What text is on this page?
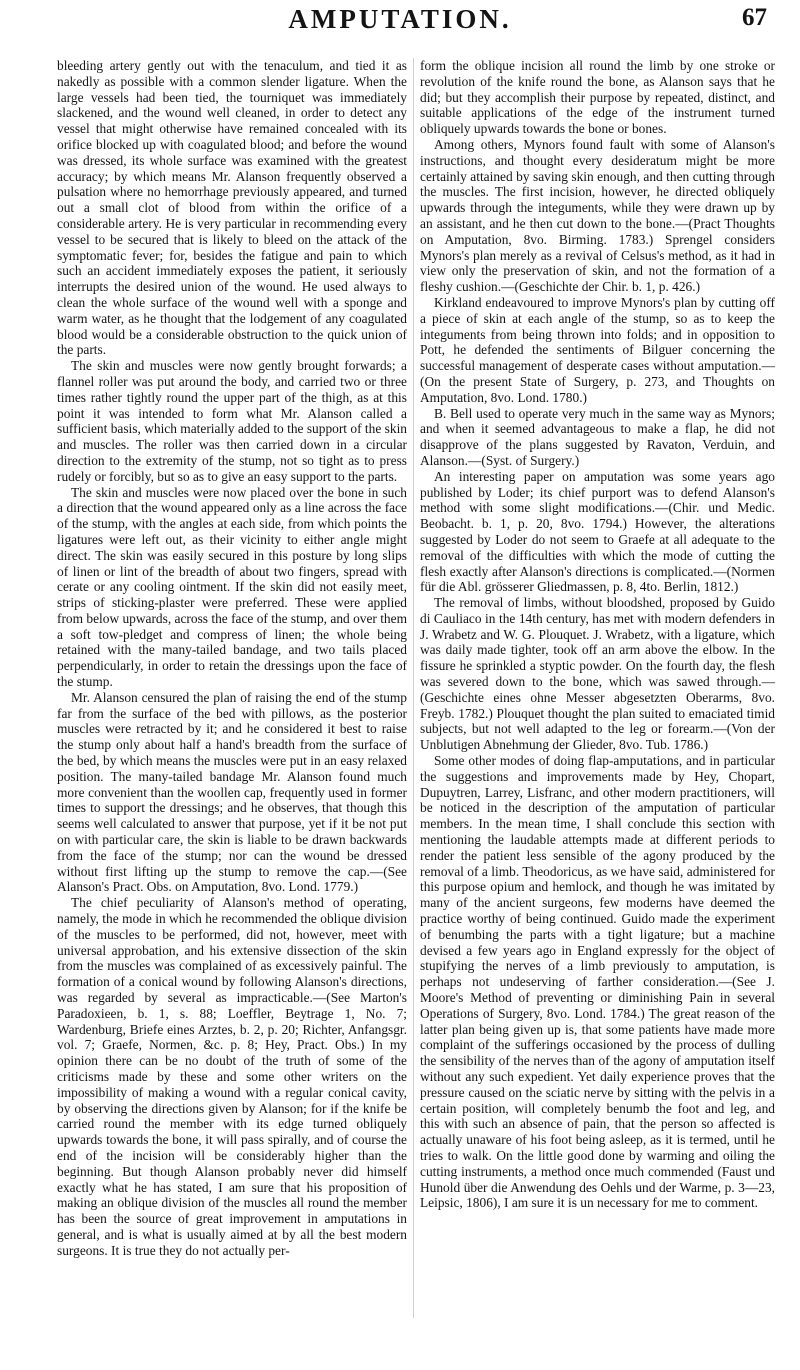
AMPUTATION.	67

bleeding artery gently out with the tenaculum, and tied it as nakedly as possible with a common slender ligature. When the large vessels had been tied, the tourniquet was immediately slackened, and the wound well cleaned, in order to detect any vessel that might otherwise have remained concealed with its orifice blocked up with coagulated blood; and before the wound was dressed, its whole surface was examined with the greatest accuracy; by which means Mr. Alanson frequently observed a pulsation where no hemorrhage previously appeared, and turned out a small clot of blood from within the orifice of a considerable artery. He is very particular in recommending every vessel to be secured that is likely to bleed on the attack of the symptomatic fever; for, besides the fatigue and pain to which such an accident immediately exposes the patient, it seriously interrupts the desired union of the wound. He used always to clean the whole surface of the wound well with a sponge and warm water, as he thought that the lodgement of any coagulated blood would be a considerable obstruction to the quick union of the parts.

The skin and muscles were now gently brought forwards; a flannel roller was put around the body, and carried two or three times rather tightly round the upper part of the thigh, as at this point it was intended to form what Mr. Alanson called a sufficient basis, which materially added to the support of the skin and muscles. The roller was then carried down in a circular direction to the extremity of the stump, not so tight as to press rudely or forcibly, but so as to give an easy support to the parts.

The skin and muscles were now placed over the bone in such a direction that the wound appeared only as a line across the face of the stump, with the angles at each side, from which points the ligatures were left out, as their vicinity to either angle might direct. The skin was easily secured in this posture by long slips of linen or lint of the breadth of about two fingers, spread with cerate or any cooling ointment. If the skin did not easily meet, strips of sticking-plaster were preferred. These were applied from below upwards, across the face of the stump, and over them a soft tow-pledget and compress of linen; the whole being retained with the many-tailed bandage, and two tails placed perpendicularly, in order to retain the dressings upon the face of the stump.

Mr. Alanson censured the plan of raising the end of the stump far from the surface of the bed with pillows, as the posterior muscles were retracted by it; and he considered it best to raise the stump only about half a hand's breadth from the surface of the bed, by which means the muscles were put in an easy relaxed position. The many-tailed bandage Mr. Alanson found much more convenient than the woollen cap, frequently used in former times to support the dressings; and he observes, that though this seems well calculated to answer that purpose, yet if it be not put on with particular care, the skin is liable to be drawn backwards from the face of the stump; nor can the wound be dressed without first lifting up the stump to remove the cap.—(See Alanson's Pract. Obs. on Amputation, 8vo. Lond. 1779.)

The chief peculiarity of Alanson's method of operating, namely, the mode in which he recommended the oblique division of the muscles to be performed, did not, however, meet with universal approbation, and his extensive dissection of the skin from the muscles was complained of as excessively painful. The formation of a conical wound by following Alanson's directions, was regarded by several as impracticable.—(See Marton's Paradoxieen, b. 1, s. 88; Loeffler, Beytrage 1, No. 7; Wardenburg, Briefe eines Arztes, b. 2, p. 20; Richter, Anfangsgr. vol. 7; Graefe, Normen, &c. p. 8; Hey, Pract. Obs.) In my opinion there can be no doubt of the truth of some of the criticisms made by these and some other writers on the impossibility of making a wound with a regular conical cavity, by observing the directions given by Alanson; for if the knife be carried round the member with its edge turned obliquely upwards towards the bone, it will pass spirally, and of course the end of the incision will be considerably higher than the beginning. But though Alanson probably never did himself exactly what he has stated, I am sure that his proposition of making an oblique division of the muscles all round the member has been the source of great improvement in amputations in general, and is what is usually aimed at by all the best modern surgeons. It is true they do not actually per-

form the oblique incision all round the limb by one stroke or revolution of the knife round the bone, as Alanson says that he did; but they accomplish their purpose by repeated, distinct, and suitable applications of the edge of the instrument turned obliquely upwards towards the bone or bones.

Among others, Mynors found fault with some of Alanson's instructions, and thought every desideratum might be more certainly attained by saving skin enough, and then cutting through the muscles. The first incision, however, he directed obliquely upwards through the integuments, while they were drawn up by an assistant, and he then cut down to the bone.—(Pract Thoughts on Amputation, 8vo. Birming. 1783.) Sprengel considers Mynors's plan merely as a revival of Celsus's method, as it had in view only the preservation of skin, and not the formation of a fleshy cushion.—(Geschichte der Chir. b. 1, p. 426.)

Kirkland endeavoured to improve Mynors's plan by cutting off a piece of skin at each angle of the stump, so as to keep the integuments from being thrown into folds; and in opposition to Pott, he defended the sentiments of Bilguer concerning the successful management of desperate cases without amputation.—(On the present State of Surgery, p. 273, and Thoughts on Amputation, 8vo. Lond. 1780.)

B. Bell used to operate very much in the same way as Mynors; and when it seemed advantageous to make a flap, he did not disapprove of the plans suggested by Ravaton, Verduin, and Alanson.—(Syst. of Surgery.)

An interesting paper on amputation was some years ago published by Loder; its chief purport was to defend Alanson's method with some slight modifications.—(Chir. und Medic. Beobacht. b. 1, p. 20, 8vo. 1794.) However, the alterations suggested by Loder do not seem to Graefe at all adequate to the removal of the difficulties with which the mode of cutting the flesh exactly after Alanson's directions is complicated.—(Normen für die Abl. grösserer Gliedmassen, p. 8, 4to. Berlin, 1812.)

The removal of limbs, without bloodshed, proposed by Guido di Cauliaco in the 14th century, has met with modern defenders in J. Wrabetz and W. G. Plouquet. J. Wrabetz, with a ligature, which was daily made tighter, took off an arm above the elbow. In the fissure he sprinkled a styptic powder. On the fourth day, the flesh was severed down to the bone, which was sawed through.—(Geschichte eines ohne Messer abgesetzten Oberarms, 8vo. Freyb. 1782.) Plouquet thought the plan suited to emaciated timid subjects, but not well adapted to the leg or forearm.—(Von der Unblutigen Abnehmung der Glieder, 8vo. Tub. 1786.)

Some other modes of doing flap-amputations, and in particular the suggestions and improvements made by Hey, Chopart, Dupuytren, Larrey, Lisfranc, and other modern practitioners, will be noticed in the description of the amputation of particular members. In the mean time, I shall conclude this section with mentioning the laudable attempts made at different periods to render the patient less sensible of the agony produced by the removal of a limb. Theodoricus, as we have said, administered for this purpose opium and hemlock, and though he was imitated by many of the ancient surgeons, few moderns have deemed the practice worthy of being continued. Guido made the experiment of benumbing the parts with a tight ligature; but a machine devised a few years ago in England expressly for the object of stupifying the nerves of a limb previously to amputation, is perhaps not undeserving of farther consideration.—(See J. Moore's Method of preventing or diminishing Pain in several Operations of Surgery, 8vo. Lond. 1784.) The great reason of the latter plan being given up is, that some patients have made more complaint of the sufferings occasioned by the process of dulling the sensibility of the nerves than of the agony of amputation itself without any such expedient. Yet daily experience proves that the pressure caused on the sciatic nerve by sitting with the pelvis in a certain position, will completely benumb the foot and leg, and this with such an absence of pain, that the person so affected is actually unaware of his foot being asleep, as it is termed, until he tries to walk. On the little good done by warming and oiling the cutting instruments, a method once much commended (Faust und Hunold über die Anwendung des Oehls und der Warme, p. 3—23, Leipsic, 1806), I am sure it is un necessary for me to comment.
